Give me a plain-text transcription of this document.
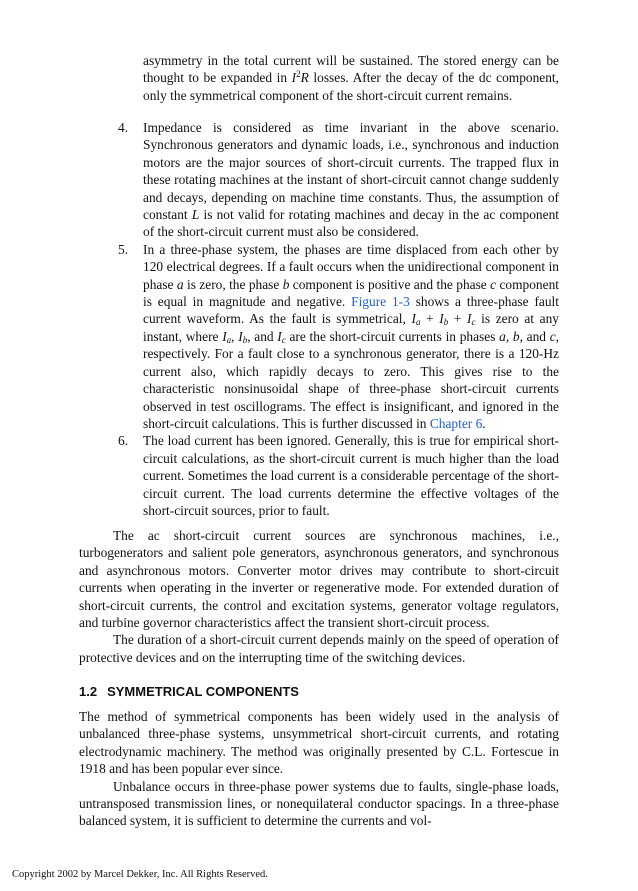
asymmetry in the total current will be sustained. The stored energy can be thought to be expanded in $I^2R$ losses. After the decay of the dc component, only the symmetrical component of the short-circuit current remains.

4.	Impedance is considered as time invariant in the above scenario. Synchronous generators and dynamic loads, i.e., synchronous and induction motors are the major sources of short-circuit currents. The trapped flux in these rotating machines at the instant of short-circuit cannot change suddenly and decays, depending on machine time constants. Thus, the assumption of constant L is not valid for rotating machines and decay in the ac component of the short-circuit current must also be considered.

5.	In a three-phase system, the phases are time displaced from each other by 120 electrical degrees. If a fault occurs when the unidirectional component in phase a is zero, the phase b component is positive and the phase c component is equal in magnitude and negative. Figure 1-3 shows a three-phase fault current waveform. As the fault is symmetrical, $I_a + I_b + I_c$ is zero at any instant, where $I_a$, $I_b$, and $I_c$ are the short-circuit currents in phases a, b, and c, respectively. For a fault close to a synchronous generator, there is a 120-Hz current also, which rapidly decays to zero. This gives rise to the characteristic nonsinusoidal shape of three-phase short-circuit currents observed in test oscillograms. The effect is insignificant, and ignored in the short-circuit calculations. This is further discussed in Chapter 6.

6.	The load current has been ignored. Generally, this is true for empirical short-circuit calculations, as the short-circuit current is much higher than the load current. Sometimes the load current is a considerable percentage of the short-circuit current. The load currents determine the effective voltages of the short-circuit sources, prior to fault.

The ac short-circuit current sources are synchronous machines, i.e., turbogenerators and salient pole generators, asynchronous generators, and synchronous and asynchronous motors. Converter motor drives may contribute to short-circuit currents when operating in the inverter or regenerative mode. For extended duration of short-circuit currents, the control and excitation systems, generator voltage regulators, and turbine governor characteristics affect the transient short-circuit process.

The duration of a short-circuit current depends mainly on the speed of operation of protective devices and on the interrupting time of the switching devices.

1.2 SYMMETRICAL COMPONENTS

The method of symmetrical components has been widely used in the analysis of unbalanced three-phase systems, unsymmetrical short-circuit currents, and rotating electrodynamic machinery. The method was originally presented by C.L. Fortescue in 1918 and has been popular ever since.

Unbalance occurs in three-phase power systems due to faults, single-phase loads, untransposed transmission lines, or nonequilateral conductor spacings. In a three-phase balanced system, it is sufficient to determine the currents and vol-

Copyright 2002 by Marcel Dekker, Inc. All Rights Reserved.
